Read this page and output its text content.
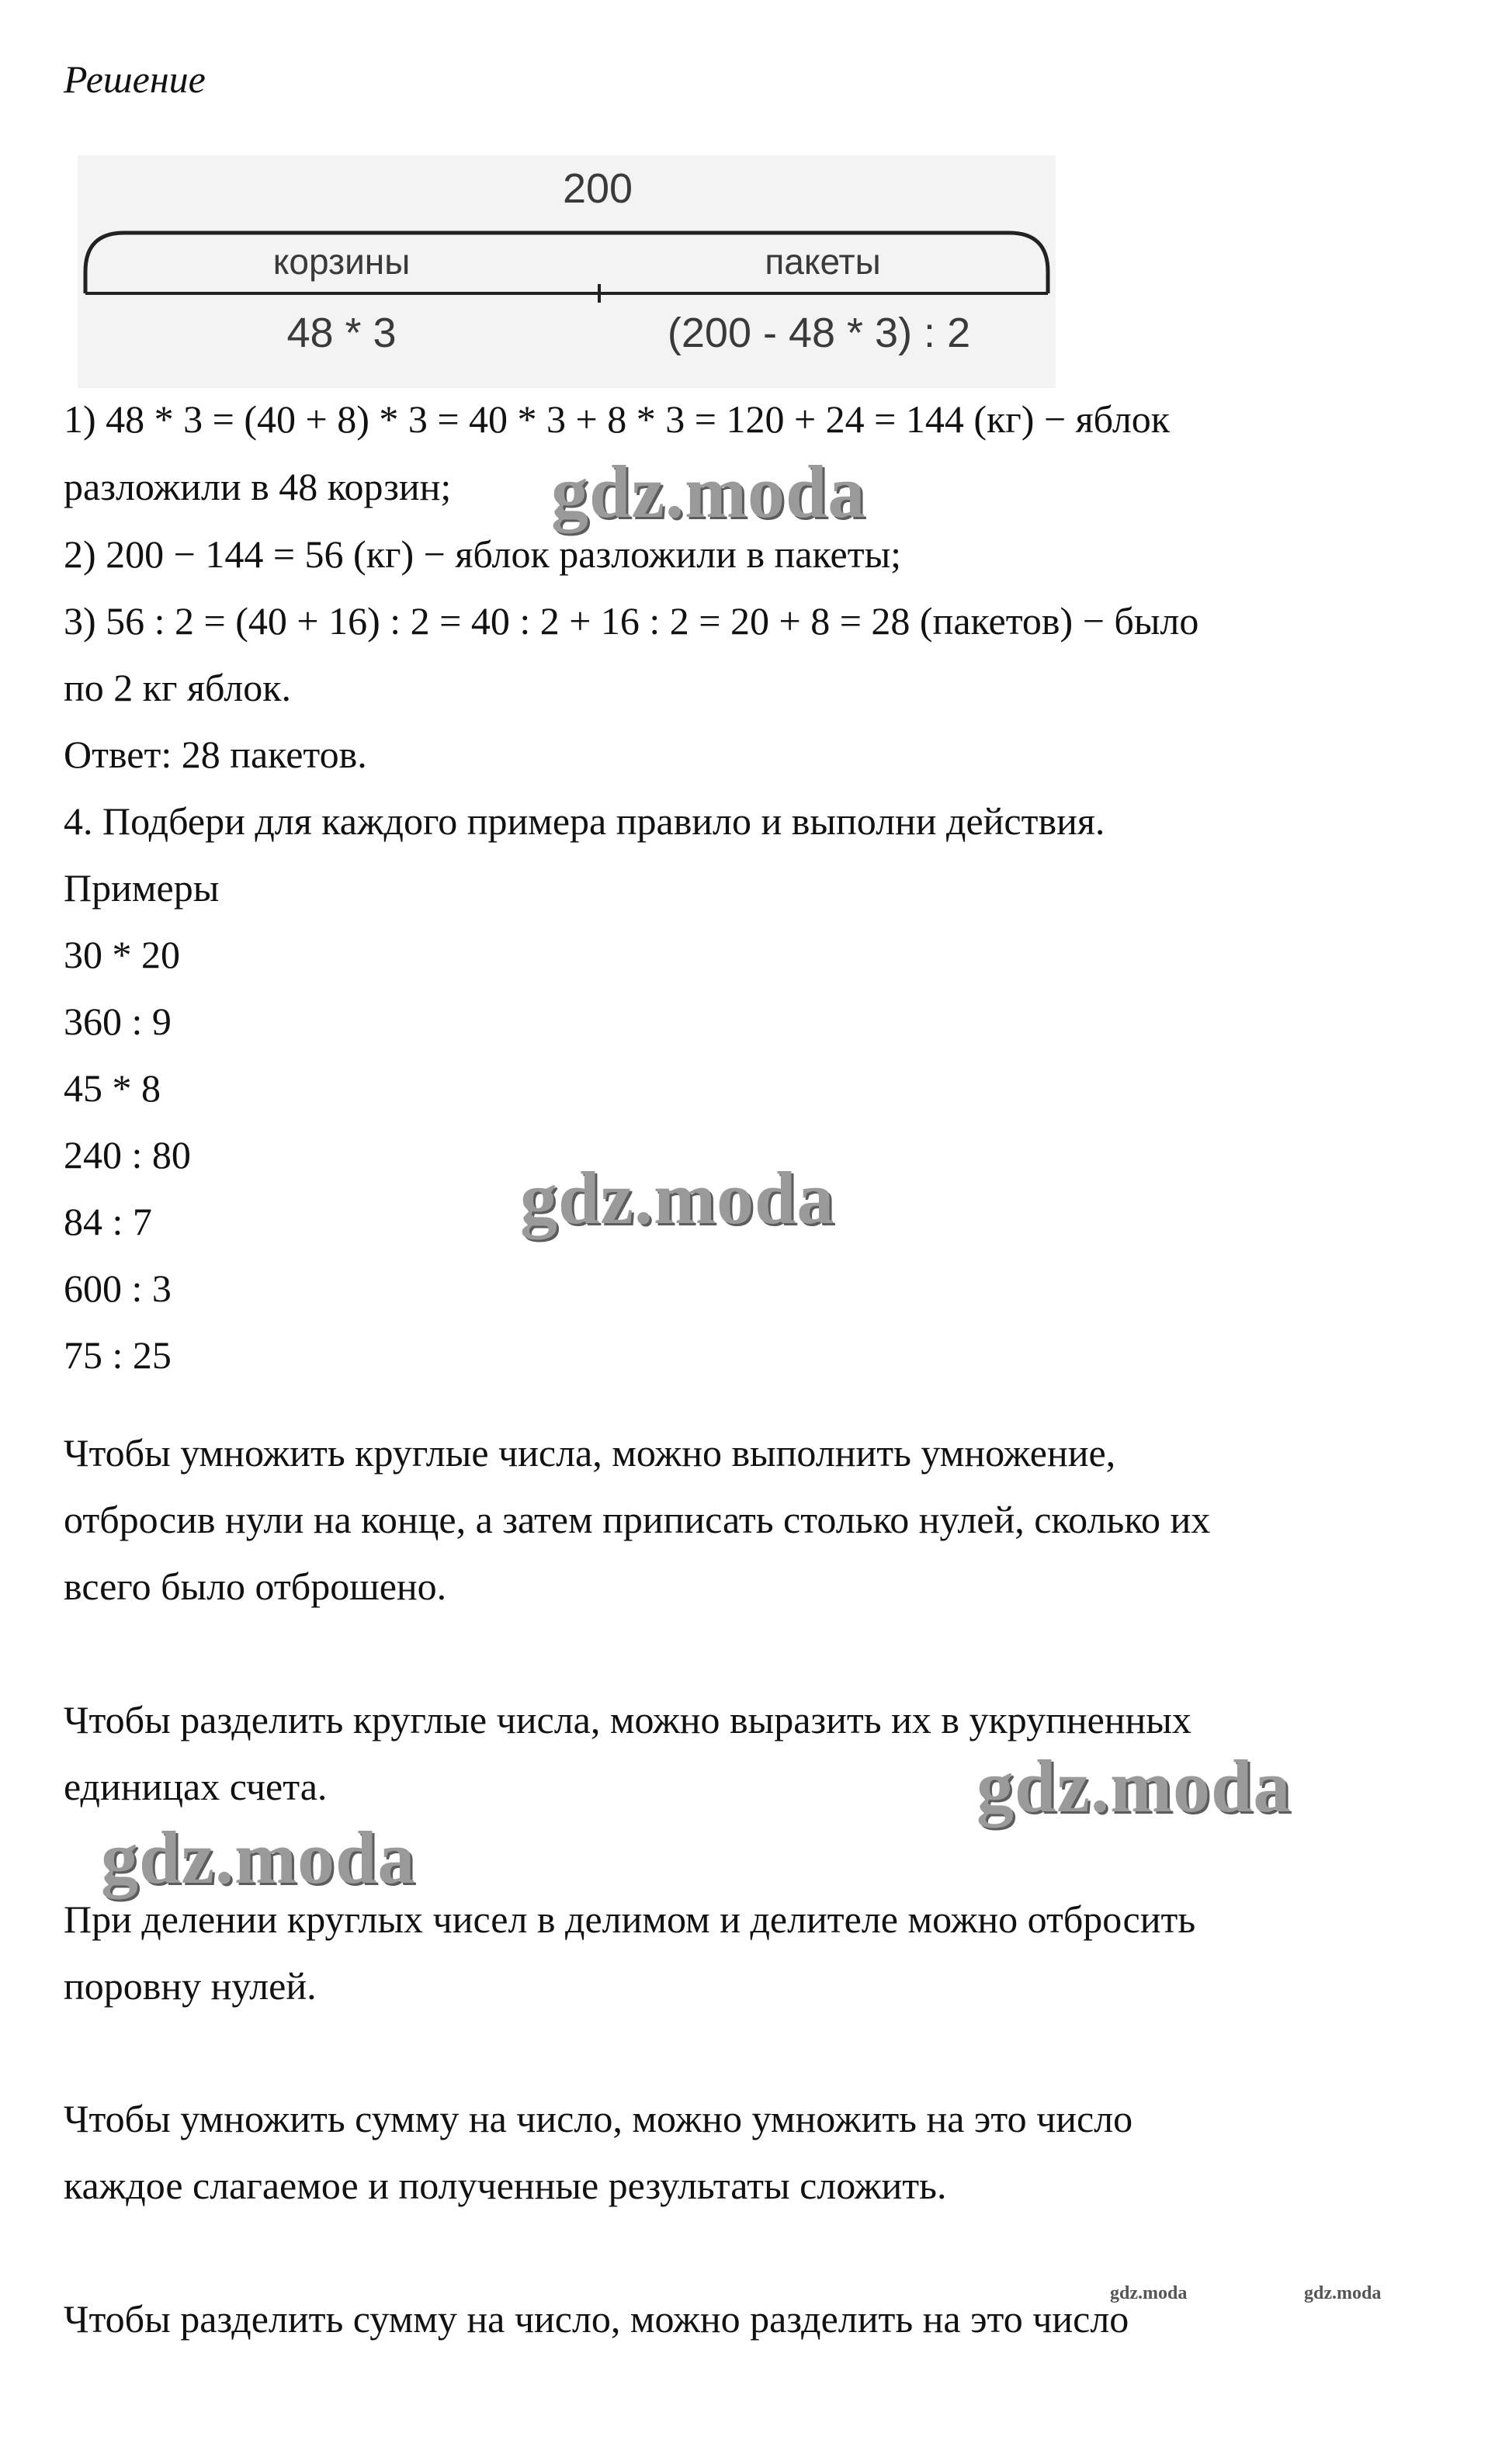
Решение
200
корзины	пакеты
48 * 3	(200 - 48 * 3) : 2
1) 48 * 3 = (40 + 8) * 3 = 40 * 3 + 8 * 3 = 120 + 24 = 144 (кг) − яблок
разложили в 48 корзин;
2) 200 − 144 = 56 (кг) − яблок разложили в пакеты;
3) 56 : 2 = (40 + 16) : 2 = 40 : 2 + 16 : 2 = 20 + 8 = 28 (пакетов) − было
по 2 кг яблок.
Ответ: 28 пакетов.
4. Подбери для каждого примера правило и выполни действия.
Примеры
30 * 20
360 : 9
45 * 8
240 : 80
84 : 7
600 : 3
75 : 25
Чтобы умножить круглые числа, можно выполнить умножение,
отбросив нули на конце, а затем приписать столько нулей, сколько их
всего было отброшено.
Чтобы разделить круглые числа, можно выразить их в укрупненных
единицах счета.
При делении круглых чисел в делимом и делителе можно отбросить
поровну нулей.
Чтобы умножить сумму на число, можно умножить на это число
каждое слагаемое и полученные результаты сложить.
Чтобы разделить сумму на число, можно разделить на это число
gdz.moda
gdz.moda
gdz.moda
gdz.moda
gdz.moda	gdz.moda
